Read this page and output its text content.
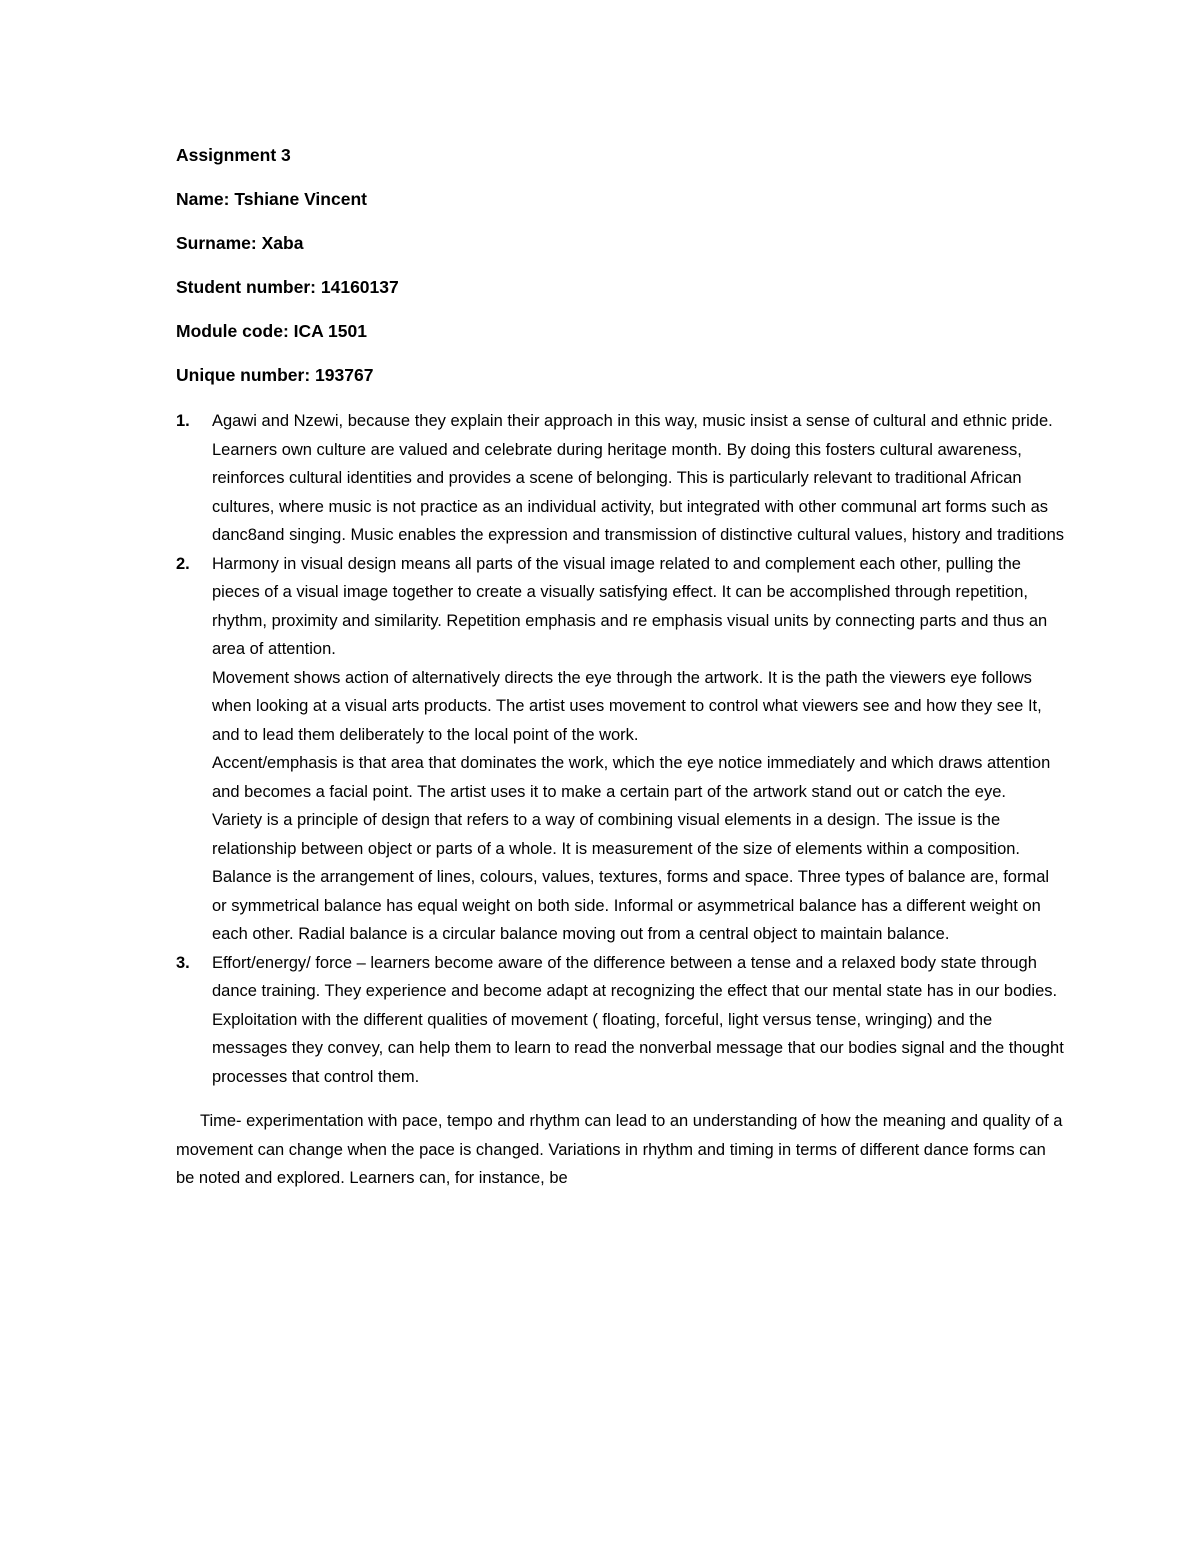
Assignment 3
Name: Tshiane Vincent
Surname: Xaba
Student number: 14160137
Module code: ICA 1501
Unique number: 193767
1.	Agawi and Nzewi, because they explain their approach in this way, music insist a sense of cultural and ethnic pride. Learners own culture are valued and celebrate during heritage month. By doing this fosters cultural awareness, reinforces cultural identities and provides a scene of belonging. This is particularly relevant to traditional African cultures, where music is not practice as an individual activity, but integrated with other communal art forms such as danc8and singing. Music enables the expression and transmission of distinctive cultural values, history and traditions

2.	Harmony in visual design means all parts of the visual image related to and complement each other, pulling the pieces of a visual image together to create a visually satisfying effect. It can be accomplished through repetition, rhythm, proximity and similarity. Repetition emphasis and re emphasis visual units by connecting parts and thus an area of attention.

Movement shows action of alternatively directs the eye through the artwork. It is the path the viewers eye follows when looking at a visual arts products. The artist uses movement to control what viewers see and how they see It, and to lead them deliberately to the local point of the work.

Accent/emphasis is that area that dominates the work, which the eye notice immediately and which draws attention and becomes a facial point. The artist uses it to make a certain part of the artwork stand out or catch the eye.

Variety is a principle of design that refers to a way of combining visual elements in a design. The issue is the relationship between object or parts of a whole. It is measurement of the size of elements within a composition.

Balance is the arrangement of lines, colours, values, textures, forms and space. Three types of balance are, formal or symmetrical balance has equal weight on both side. Informal or asymmetrical balance has a different weight on each other. Radial balance is a circular balance moving out from a central object to maintain balance.

3.	Effort/energy/ force – learners become aware of the difference between a tense and a relaxed body state through dance training. They experience and become adapt at recognizing the effect that our mental state has in our bodies. Exploitation with the different qualities of movement ( floating, forceful, light versus tense, wringing) and the messages they convey, can help them to learn to read the nonverbal message that our bodies signal and the thought processes that control them.

Time- experimentation with pace, tempo and rhythm can lead to an understanding of how the meaning and quality of a movement can change when the pace is changed. Variations in rhythm and timing in terms of different dance forms can be noted and explored. Learners can, for instance, be
